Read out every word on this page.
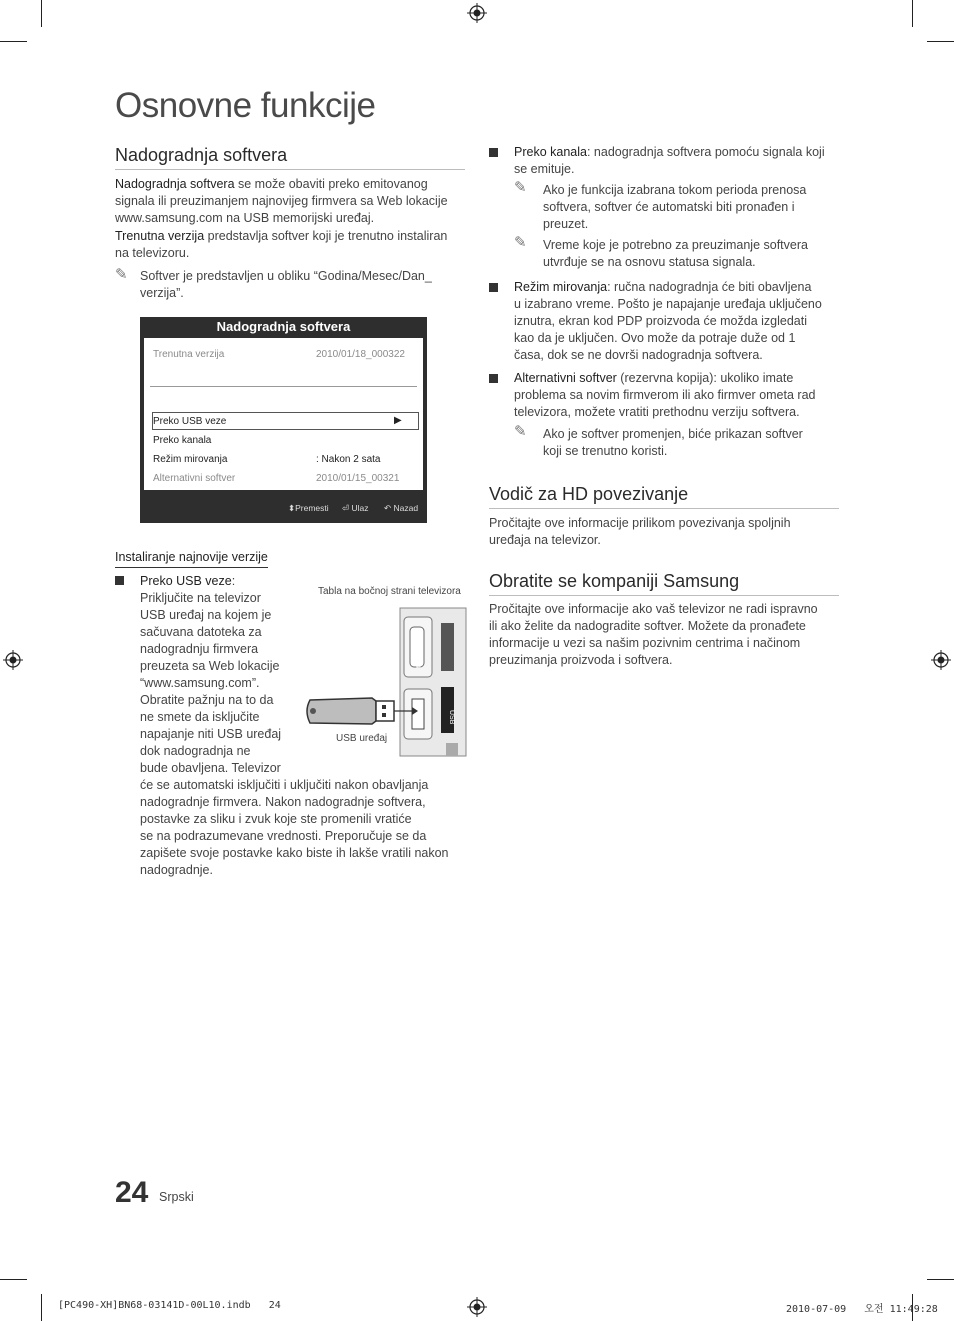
Osnovne funkcije
Nadogradnja softvera
Nadogradnja softvera se može obaviti preko emitovanog
signala ili preuzimanjem najnovijeg firmvera sa Web lokacije
www.samsung.com na USB memorijski uređaj.
Trenutna verzija predstavlja softver koji je trenutno instaliran
na televizoru.
✎ Softver je predstavljen u obliku “Godina/Mesec/Dan_
verzija”.
Nadogradnja softvera
Trenutna verzija	2010/01/18_000322
Preko USB veze	▶
Preko kanala
Režim mirovanja	: Nakon 2 sata
Alternativni softver	2010/01/15_00321
⬍Premesti ⏎ Ulaz ↶ Nazad
Instaliranje najnovije verzije
Preko USB veze:
Priključite na televizor
USB uređaj na kojem je
sačuvana datoteka za
nadogradnju firmvera
preuzeta sa Web lokacije
“www.samsung.com”.
Obratite pažnju na to da
ne smete da isključite
napajanje niti USB uređaj
dok nadogradnja ne
bude obavljena. Televizor
će se automatski isključiti i uključiti nakon obavljanja
nadogradnje firmvera. Nakon nadogradnje softvera,
postavke za sliku i zvuk koje ste promenili vratiće
se na podrazumevane vrednosti. Preporučuje se da
zapišete svoje postavke kako biste ih lakše vratili nakon
nadogradnje.
Tabla na bočnoj strani televizora
USB uređaj
HDMI IN 4
USB
Preko kanala: nadogradnja softvera pomoću signala koji
se emituje.
✎	Ako je funkcija izabrana tokom perioda prenosa
softvera, softver će automatski biti pronađen i
preuzet.
✎	Vreme koje je potrebno za preuzimanje softvera
utvrđuje se na osnovu statusa signala.
Režim mirovanja: ručna nadogradnja će biti obavljena
u izabrano vreme. Pošto je napajanje uređaja uključeno
iznutra, ekran kod PDP proizvoda će možda izgledati
kao da je uključen. Ovo može da potraje duže od 1
časa, dok se ne dovrši nadogradnja softvera.
Alternativni softver (rezervna kopija): ukoliko imate
problema sa novim firmverom ili ako firmver ometa rad
televizora, možete vratiti prethodnu verziju softvera.
✎	Ako je softver promenjen, biće prikazan softver
koji se trenutno koristi.
Vodič za HD povezivanje
Pročitajte ove informacije prilikom povezivanja spoljnih
uređaja na televizor.
Obratite se kompaniji Samsung
Pročitajte ove informacije ako vaš televizor ne radi ispravno
ili ako želite da nadogradite softver. Možete da pronađete
informacije u vezi sa našim pozivnim centrima i načinom
preuzimanja proizvoda i softvera.
24 Srpski
[PC490-XH]BN68-03141D-00L10.indb   24	2010-07-09   오전 11:49:28
